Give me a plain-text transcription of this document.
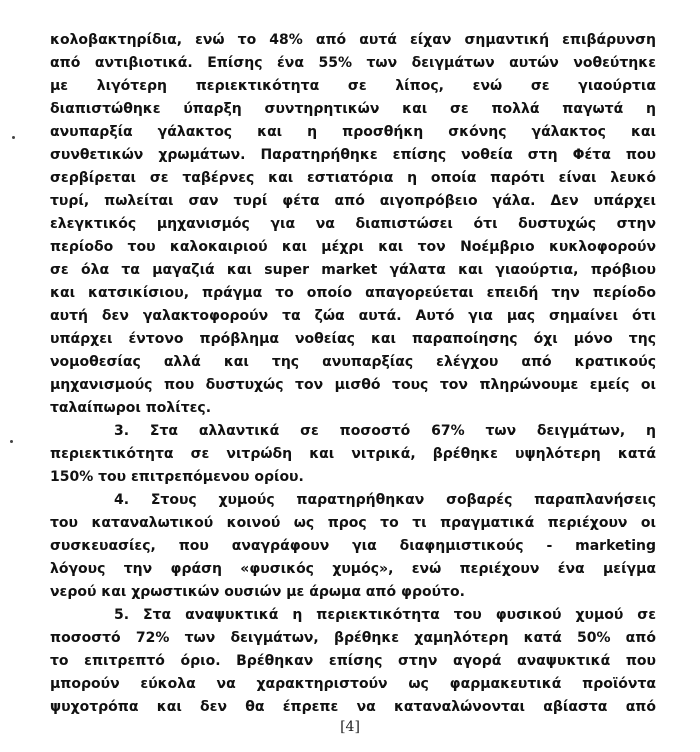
κολοβακτηρίδια, ενώ το 48% από αυτά είχαν σημαντική επιβάρυνση
από αντιβιοτικά. Επίσης ένα 55% των δειγμάτων αυτών νοθεύτηκε
με λιγότερη περιεκτικότητα σε λίπος, ενώ σε γιαούρτια
διαπιστώθηκε ύπαρξη συντηρητικών και σε πολλά παγωτά η
ανυπαρξία γάλακτος και η προσθήκη σκόνης γάλακτος και
συνθετικών χρωμάτων. Παρατηρήθηκε επίσης νοθεία στη Φέτα που
σερβίρεται σε ταβέρνες και εστιατόρια η οποία παρότι είναι λευκό
τυρί, πωλείται σαν τυρί φέτα από αιγοπρόβειο γάλα. Δεν υπάρχει
ελεγκτικός μηχανισμός για να διαπιστώσει ότι δυστυχώς στην
περίοδο του καλοκαιριού και μέχρι και τον Νοέμβριο κυκλοφορούν
σε όλα τα μαγαζιά και super market γάλατα και γιαούρτια, πρόβιου
και κατσικίσιου, πράγμα το οποίο απαγορεύεται επειδή την περίοδο
αυτή δεν γαλακτοφορούν τα ζώα αυτά. Αυτό για μας σημαίνει ότι
υπάρχει έντονο πρόβλημα νοθείας και παραποίησης όχι μόνο της
νομοθεσίας αλλά και της ανυπαρξίας ελέγχου από κρατικούς
μηχανισμούς που δυστυχώς τον μισθό τους τον πληρώνουμε εμείς οι
ταλαίπωροι πολίτες.
3. Στα αλλαντικά σε ποσοστό 67% των δειγμάτων, η
περιεκτικότητα σε νιτρώδη και νιτρικά, βρέθηκε υψηλότερη κατά
150% του επιτρεπόμενου ορίου.
4. Στους χυμούς παρατηρήθηκαν σοβαρές παραπλανήσεις
του καταναλωτικού κοινού ως προς το τι πραγματικά περιέχουν οι
συσκευασίες, που αναγράφουν για διαφημιστικούς - marketing
λόγους την φράση «φυσικός χυμός», ενώ περιέχουν ένα μείγμα
νερού και χρωστικών ουσιών με άρωμα από φρούτο.
5. Στα αναψυκτικά η περιεκτικότητα του φυσικού χυμού σε
ποσοστό 72% των δειγμάτων, βρέθηκε χαμηλότερη κατά 50% από
το επιτρεπτό όριο. Βρέθηκαν επίσης στην αγορά αναψυκτικά που
μπορούν εύκολα να χαρακτηριστούν ως φαρμακευτικά προϊόντα
ψυχοτρόπα και δεν θα έπρεπε να καταναλώνονται αβίαστα από
[4]
